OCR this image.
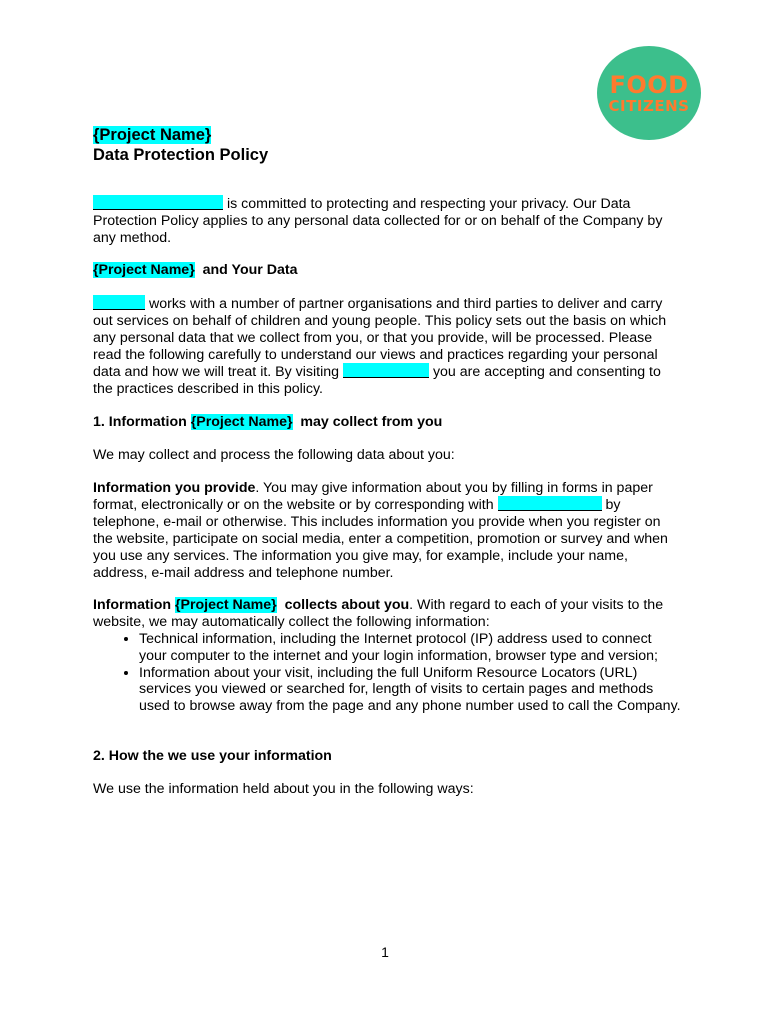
FOOD
CITIZENS
{Project Name}
Data Protection Policy

is committed to protecting and respecting your privacy. Our Data Protection Policy applies to any personal data collected for or on behalf of the Company by any method.

{Project Name} and Your Data

works with a number of partner organisations and third parties to deliver and carry out services on behalf of children and young people. This policy sets out the basis on which any personal data that we collect from you, or that you provide, will be processed. Please read the following carefully to understand our views and practices regarding your personal data and how we will treat it. By visiting	you are accepting and consenting to the practices described in this policy.

1. Information {Project Name} may collect from you

We may collect and process the following data about you:

Information you provide. You may give information about you by filling in forms in paper format, electronically or on the website or by corresponding with	by telephone, e-mail or otherwise. This includes information you provide when you register on the website, participate on social media, enter a competition, promotion or survey and when you use any services. The information you give may, for example, include your name, address, e-mail address and telephone number.

Information {Project Name} collects about you. With regard to each of your visits to the website, we may automatically collect the following information:

• Technical information, including the Internet protocol (IP) address used to connect your computer to the internet and your login information, browser type and version;
• Information about your visit, including the full Uniform Resource Locators (URL) services you viewed or searched for, length of visits to certain pages and methods used to browse away from the page and any phone number used to call the Company.

2. How the we use your information

We use the information held about you in the following ways:

1
